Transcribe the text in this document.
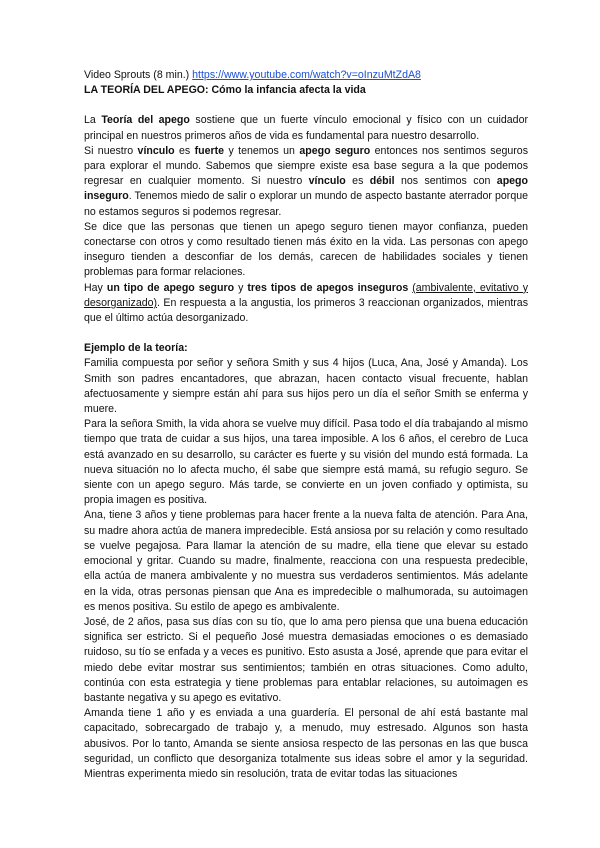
Video Sprouts (8 min.) https://www.youtube.com/watch?v=oInzuMtZdA8

LA TEORÍA DEL APEGO: Cómo la infancia afecta la vida

La Teoría del apego sostiene que un fuerte vínculo emocional y físico con un cuidador principal en nuestros primeros años de vida es fundamental para nuestro desarrollo.

Si nuestro vínculo es fuerte y tenemos un apego seguro entonces nos sentimos seguros para explorar el mundo. Sabemos que siempre existe esa base segura a la que podemos regresar en cualquier momento. Si nuestro vínculo es débil nos sentimos con apego inseguro. Tenemos miedo de salir o explorar un mundo de aspecto bastante aterrador porque no estamos seguros si podemos regresar.

Se dice que las personas que tienen un apego seguro tienen mayor confianza, pueden conectarse con otros y como resultado tienen más éxito en la vida. Las personas con apego inseguro tienden a desconfiar de los demás, carecen de habilidades sociales y tienen problemas para formar relaciones.

Hay un tipo de apego seguro y tres tipos de apegos inseguros (ambivalente, evitativo y desorganizado). En respuesta a la angustia, los primeros 3 reaccionan organizados, mientras que el último actúa desorganizado.

Ejemplo de la teoría:

Familia compuesta por señor y señora Smith y sus 4 hijos (Luca, Ana, José y Amanda). Los Smith son padres encantadores, que abrazan, hacen contacto visual frecuente, hablan afectuosamente y siempre están ahí para sus hijos pero un día el señor Smith se enferma y muere.

Para la señora Smith, la vida ahora se vuelve muy difícil. Pasa todo el día trabajando al mismo tiempo que trata de cuidar a sus hijos, una tarea imposible. A los 6 años, el cerebro de Luca está avanzado en su desarrollo, su carácter es fuerte y su visión del mundo está formada. La nueva situación no lo afecta mucho, él sabe que siempre está mamá, su refugio seguro. Se siente con un apego seguro. Más tarde, se convierte en un joven confiado y optimista, su propia imagen es positiva.

Ana, tiene 3 años y tiene problemas para hacer frente a la nueva falta de atención. Para Ana, su madre ahora actúa de manera impredecible. Está ansiosa por su relación y como resultado se vuelve pegajosa. Para llamar la atención de su madre, ella tiene que elevar su estado emocional y gritar. Cuando su madre, finalmente, reacciona con una respuesta predecible, ella actúa de manera ambivalente y no muestra sus verdaderos sentimientos. Más adelante en la vida, otras personas piensan que Ana es impredecible o malhumorada, su autoimagen es menos positiva. Su estilo de apego es ambivalente.

José, de 2 años, pasa sus días con su tío, que lo ama pero piensa que una buena educación significa ser estricto. Si el pequeño José muestra demasiadas emociones o es demasiado ruidoso, su tío se enfada y a veces es punitivo. Esto asusta a José, aprende que para evitar el miedo debe evitar mostrar sus sentimientos; también en otras situaciones. Como adulto, continúa con esta estrategia y tiene problemas para entablar relaciones, su autoimagen es bastante negativa y su apego es evitativo.

Amanda tiene 1 año y es enviada a una guardería. El personal de ahí está bastante mal capacitado, sobrecargado de trabajo y, a menudo, muy estresado. Algunos son hasta abusivos. Por lo tanto, Amanda se siente ansiosa respecto de las personas en las que busca seguridad, un conflicto que desorganiza totalmente sus ideas sobre el amor y la seguridad. Mientras experimenta miedo sin resolución, trata de evitar todas las situaciones
